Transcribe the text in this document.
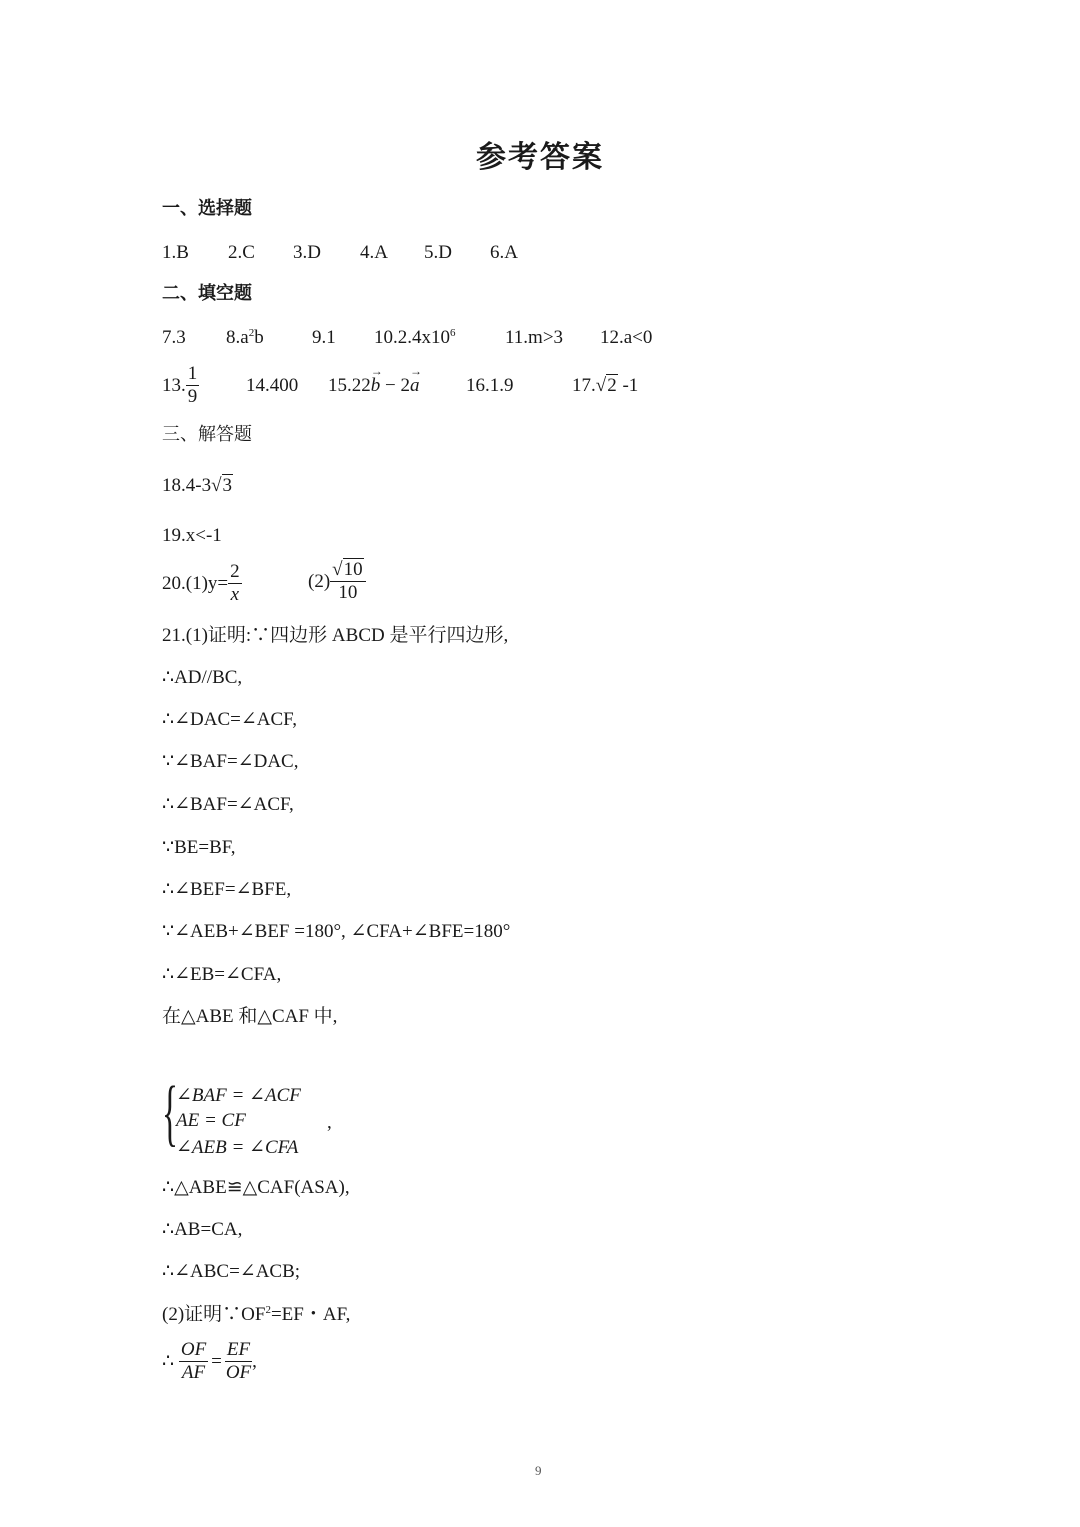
参考答案
一、选择题
1.B 2.C 3.D 4.A 5.D 6.A
二、填空题
7.3 $8.a^2b$	9.1 $10.2.4x10^6$	11.m>3 12.a<0
13. $\frac{1}{9} 14.400$ 15.22→ b − 2→ a 16.1.9	17.√2 -1
三、解答题
18.4-3√3
19.x<-1
$20.(1)y= \frac{2}{x}$	$(2) \frac{√10}{10}$
21.(1)证明:∵四边形 ABCD 是平行四边形,
∴AD//BC,
∴∠DAC=∠ACF,
∵∠BAF=∠DAC,
∴∠BAF=∠ACF,
∵BE=BF,
∴∠BEF=∠BFE,
∵∠AEB+∠BEF =180°, ∠CFA+∠BFE=180°
∴∠EB=∠CFA,
在△ABE 和△CAF 中,
{
∠BAF = ∠ACF
AE = CF
∠AEB = ∠CFA
,
∴△ABE≌△CAF(ASA),
∴AB=CA,
∴∠ABC=∠ACB;
(2)证明$\because OF^2=EF$・AF,
∴ $\frac{OF}{AF} = \frac{EF}{OF}$ ,
9
